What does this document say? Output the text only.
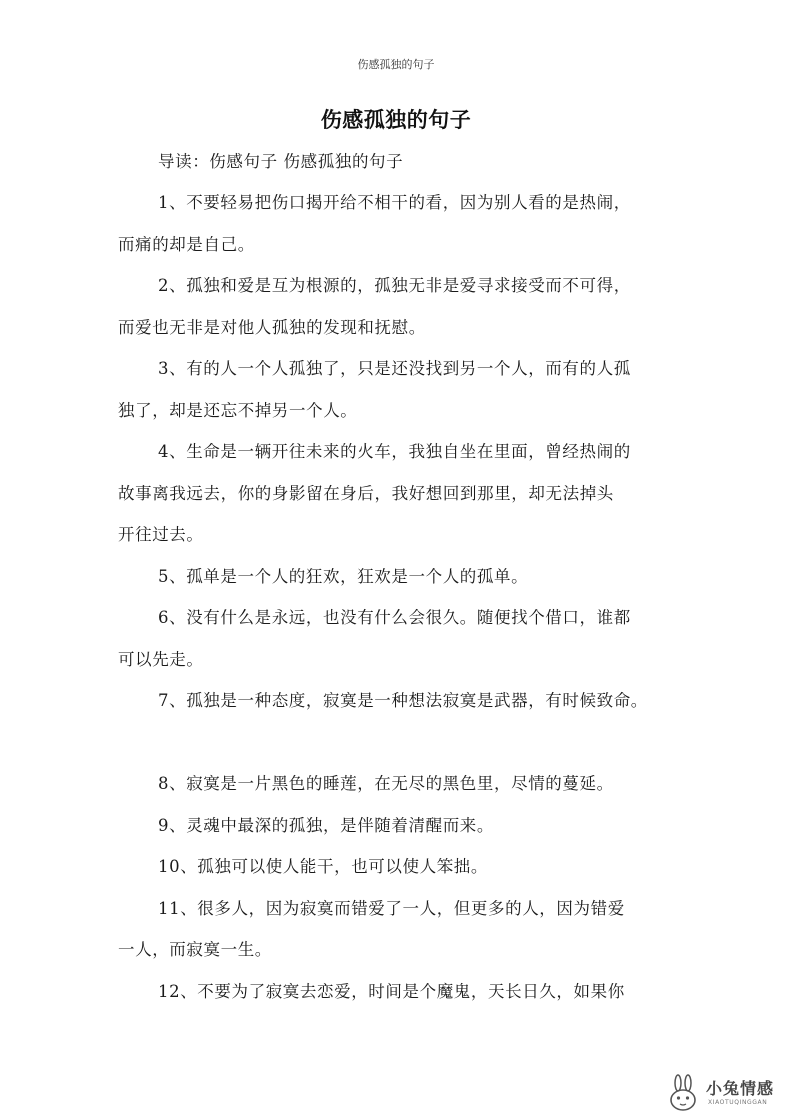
伤感孤独的句子
伤感孤独的句子
导读：伤感句子 伤感孤独的句子
1、不要轻易把伤口揭开给不相干的看，因为别人看的是热闹，
而痛的却是自己。
2、孤独和爱是互为根源的，孤独无非是爱寻求接受而不可得，
而爱也无非是对他人孤独的发现和抚慰。
3、有的人一个人孤独了，只是还没找到另一个人，而有的人孤
独了，却是还忘不掉另一个人。
4、生命是一辆开往未来的火车，我独自坐在里面，曾经热闹的
故事离我远去，你的身影留在身后，我好想回到那里，却无法掉头
开往过去。
5、孤单是一个人的狂欢，狂欢是一个人的孤单。
6、没有什么是永远，也没有什么会很久。随便找个借口，谁都
可以先走。
7、孤独是一种态度，寂寞是一种想法寂寞是武器，有时候致命。
8、寂寞是一片黑色的睡莲，在无尽的黑色里，尽情的蔓延。
9、灵魂中最深的孤独，是伴随着清醒而来。
10、孤独可以使人能干，也可以使人笨拙。
11、很多人，因为寂寞而错爱了一人，但更多的人，因为错爱
一人，而寂寞一生。
12、不要为了寂寞去恋爱，时间是个魔鬼，天长日久，如果你
小兔情感
XIAOTUQINGGAN
